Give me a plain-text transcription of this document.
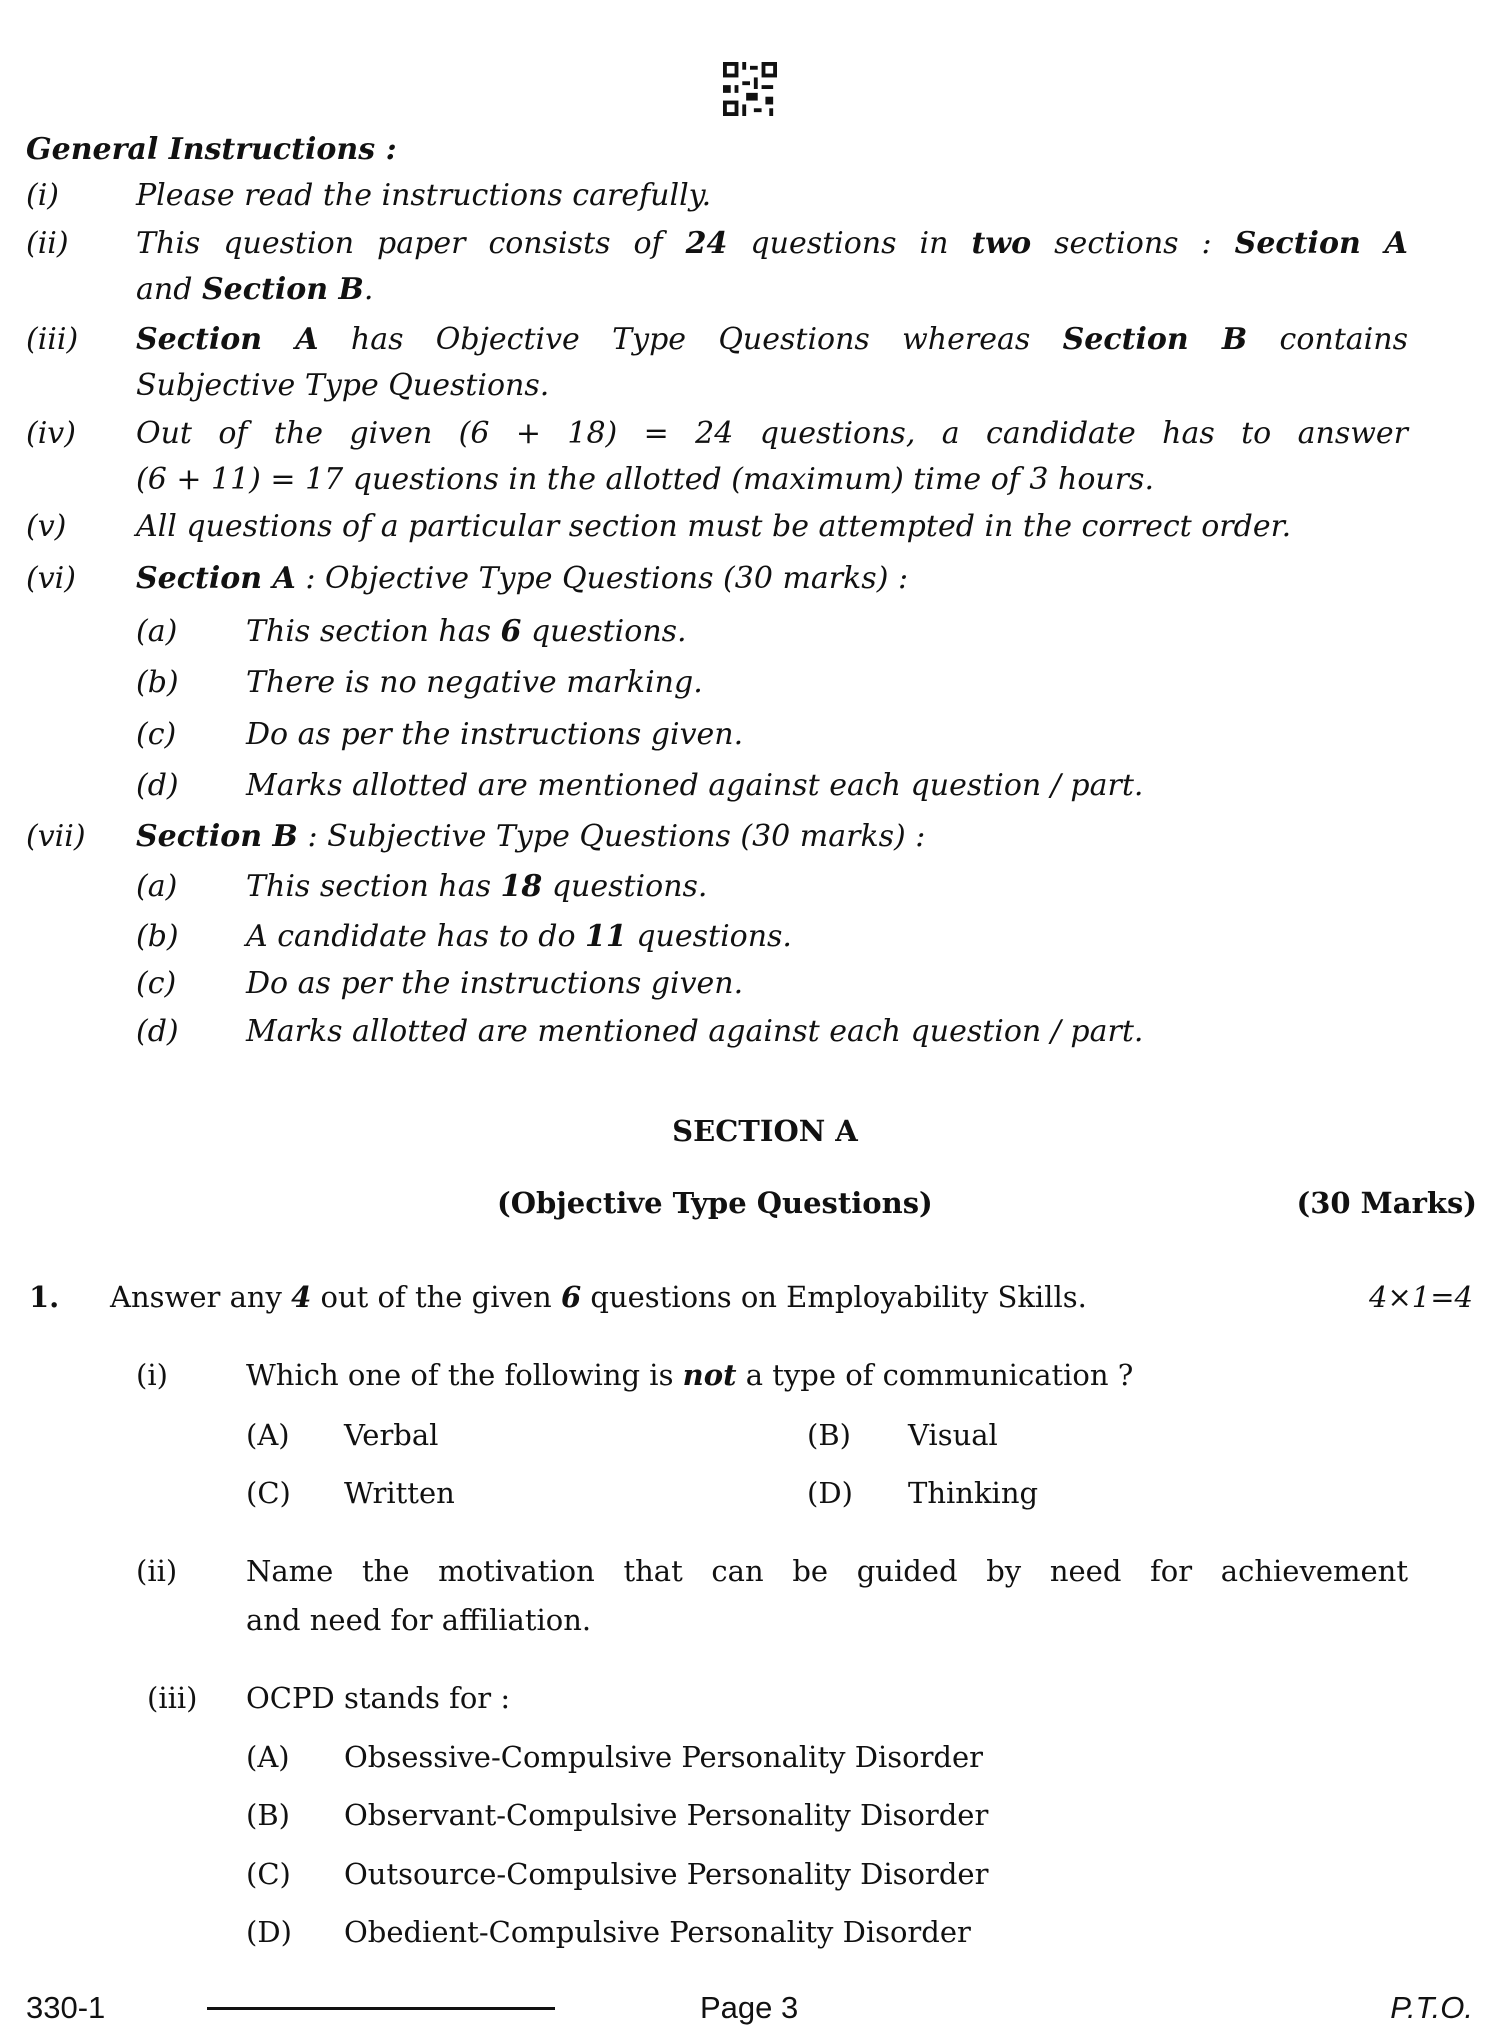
General Instructions :
(i)	Please read the instructions carefully.
(ii) This question paper consists of 24 questions in two sections : Section A
and Section B.
(iii) Section A has Objective Type Questions whereas Section B contains
Subjective Type Questions.
(iv) Out of the given (6 + 18) = 24 questions, a candidate has to answer
(6 + 11) = 17 questions in the allotted (maximum) time of 3 hours.
(v) All questions of a particular section must be attempted in the correct order.
(vi) Section A : Objective Type Questions (30 marks) :
(a) This section has 6 questions.
(b) There is no negative marking.
(c) Do as per the instructions given.
(d) Marks allotted are mentioned against each question / part.
(vii) Section B : Subjective Type Questions (30 marks) :
(a) This section has 18 questions.
(b) A candidate has to do 11 questions.
(c) Do as per the instructions given.
(d) Marks allotted are mentioned against each question / part.
SECTION A
(Objective Type Questions)	(30 Marks)
1. Answer any 4 out of the given 6 questions on Employability Skills.	4×1=4
(i)	Which one of the following is not a type of communication ?
(A) Verbal	(B) Visual
(C) Written	(D) Thinking
(ii) Name the motivation that can be guided by need for achievement
and need for affiliation.
(iii) OCPD stands for :
(A) Obsessive-Compulsive Personality Disorder
(B) Observant-Compulsive Personality Disorder
(C) Outsource-Compulsive Personality Disorder
(D) Obedient-Compulsive Personality Disorder
330-1	Page 3	P.T.O.
